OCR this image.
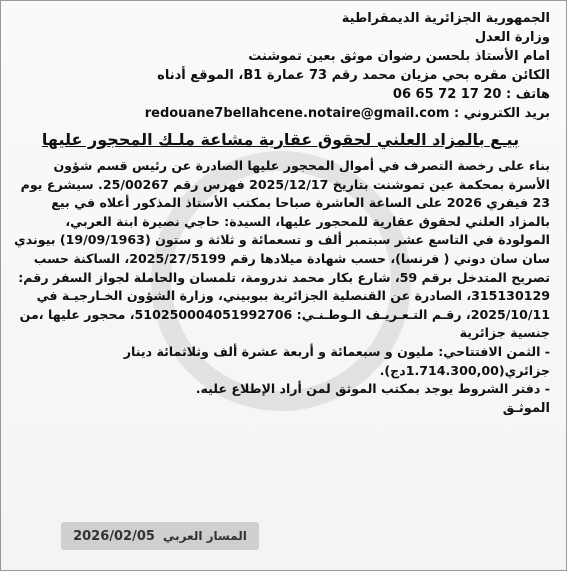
الجمهورية الجزائرية الديمقراطية
وزارة العدل
امام الأستاذ بلحسن رضوان موثق بعين تموشنت
الكائن مقره بحي مزيان محمد رقم 73 عمارة B1، الموقع أدناه
هاتف : 06 65 72 17 20
بريد الكتروني : redouane7bellahcene.notaire@gmail.com
بيـع بالمزاد العلني لحقوق عقارية مشاعة ملـك المحجور عليها

بناء على رخصة التصرف في أموال المحجور عليها الصادرة عن رئيس قسم شؤون الأسرة بمحكمة عين تموشنت بتاريخ 2025/12/17 فهرس رقم 25/00267. سيشرع يوم 23 فيفري 2026 على الساعة العاشرة صباحا بمكتب الأستاذ المذكور أعلاه في بيع بالمزاد العلني لحقوق عقارية للمحجور عليها، السيدة: حاجي نصيرة ابنة العربي، المولودة في التاسع عشر سبتمبر ألف و تسعمائة و ثلاثة و ستون (19/09/1963) بيوندي سان سان دوني ( فرنسا)، حسب شهادة ميلادها رقم 2025/27/5199، الساكنة حسب تصريح المتدخل برقم 59، شارع بكار محمد ندرومة، تلمسان والحاملة لجواز السفر رقم: 315130129، الصادرة عن القنصلية الجزائرية ببوبيني، وزارة الشؤون الخـارجيـة في 2025/10/11، رقـم التـعـريـف الـوطـنـي: 510250004051992706، محجور عليها ،من جنسية جزائرية

- الثمن الافتتاحي: مليون و سبعمائة و أربعة عشرة ألف وثلاثمائة دينار جزائري(1.714.300,00دج).

- دفتر الشروط يوجد بمكتب الموثق لمن أراد الإطلاع عليه.

الموثـق
المسار العربي
2026/02/05
